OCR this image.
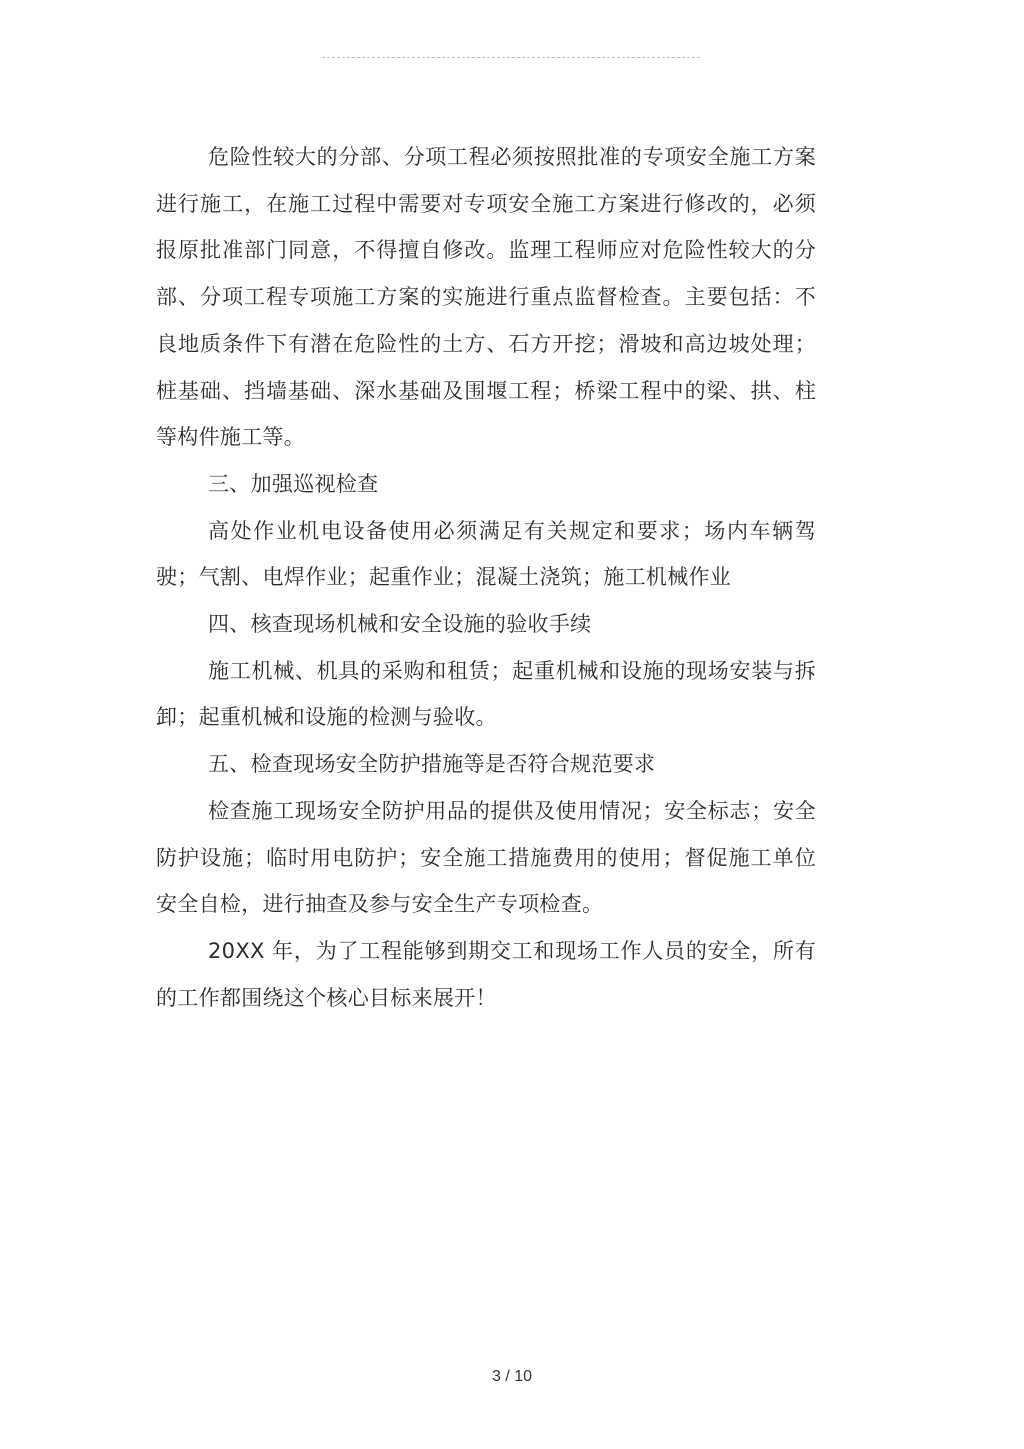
危险性较大的分部、分项工程必须按照批准的专项安全施工方案进行施工，在施工过程中需要对专项安全施工方案进行修改的，必须报原批准部门同意，不得擅自修改。监理工程师应对危险性较大的分部、分项工程专项施工方案的实施进行重点监督检查。主要包括：不良地质条件下有潜在危险性的土方、石方开挖；滑坡和高边坡处理；桩基础、挡墙基础、深水基础及围堰工程；桥梁工程中的梁、拱、柱等构件施工等。

三、加强巡视检查

高处作业机电设备使用必须满足有关规定和要求；场内车辆驾驶；气割、电焊作业；起重作业；混凝土浇筑；施工机械作业

四、核查现场机械和安全设施的验收手续

施工机械、机具的采购和租赁；起重机械和设施的现场安装与拆卸；起重机械和设施的检测与验收。

五、检查现场安全防护措施等是否符合规范要求

检查施工现场安全防护用品的提供及使用情况；安全标志；安全防护设施；临时用电防护；安全施工措施费用的使用；督促施工单位安全自检，进行抽查及参与安全生产专项检查。

20XX 年，为了工程能够到期交工和现场工作人员的安全，所有的工作都围绕这个核心目标来展开！

3 / 10
